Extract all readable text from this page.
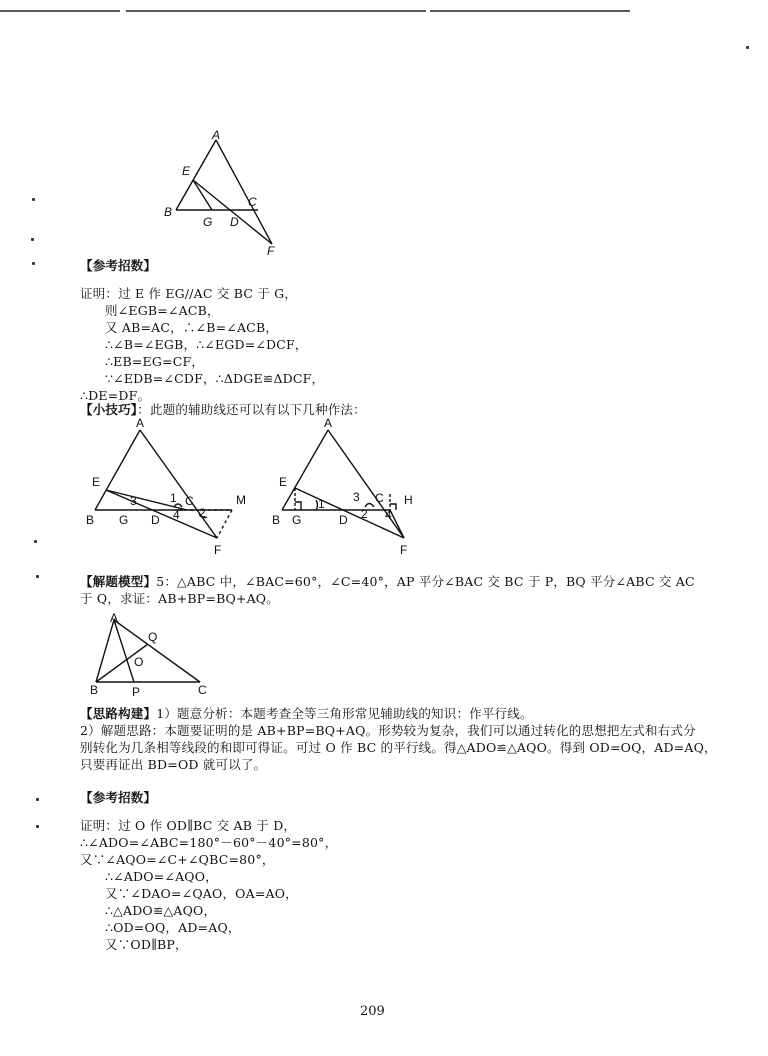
A
E
C
B
G D
F
【参考招数】
证明：过 E 作 EG//AC 交 BC 于 G，
则∠EGB=∠ACB，
又 AB=AC，∴∠B=∠ACB，
∴∠B=∠EGB，∴∠EGD=∠DCF，
∴EB=EG=CF，
∵∠EDB=∠CDF，∴ΔDGE≌ΔDCF，
∴DE=DF。
【小技巧】：此题的辅助线还可以有以下几种作法：
A
E
B G D
C	M
F
1
2
3
4
A
E
B G	D
C H
F
1
2
3
4
【解题模型】5：△ABC 中，∠BAC=60°，∠C=40°，AP 平分∠BAC 交 BC 于 P，BQ 平分∠ABC 交 AC
于 Q，求证：AB+BP=BQ+AQ。
A
Q
O
B	P	C
【思路构建】1）题意分析：本题考查全等三角形常见辅助线的知识：作平行线。
2）解题思路：本题要证明的是 AB+BP=BQ+AQ。形势较为复杂，我们可以通过转化的思想把左式和右式分
别转化为几条相等线段的和即可得证。可过 O 作 BC 的平行线。得△ADO≌△AQO。得到 OD=OQ，AD=AQ，
只要再证出 BD=OD 就可以了。
【参考招数】
证明：过 O 作 OD∥BC 交 AB 于 D，
∴∠ADO=∠ABC=180°－60°－40°=80°，
又∵∠AQO=∠C+∠QBC=80°，
∴∠ADO=∠AQO，
又∵∠DAO=∠QAO，OA=AO，
∴△ADO≌△AQO，
∴OD=OQ，AD=AQ，
又∵OD∥BP，
209
